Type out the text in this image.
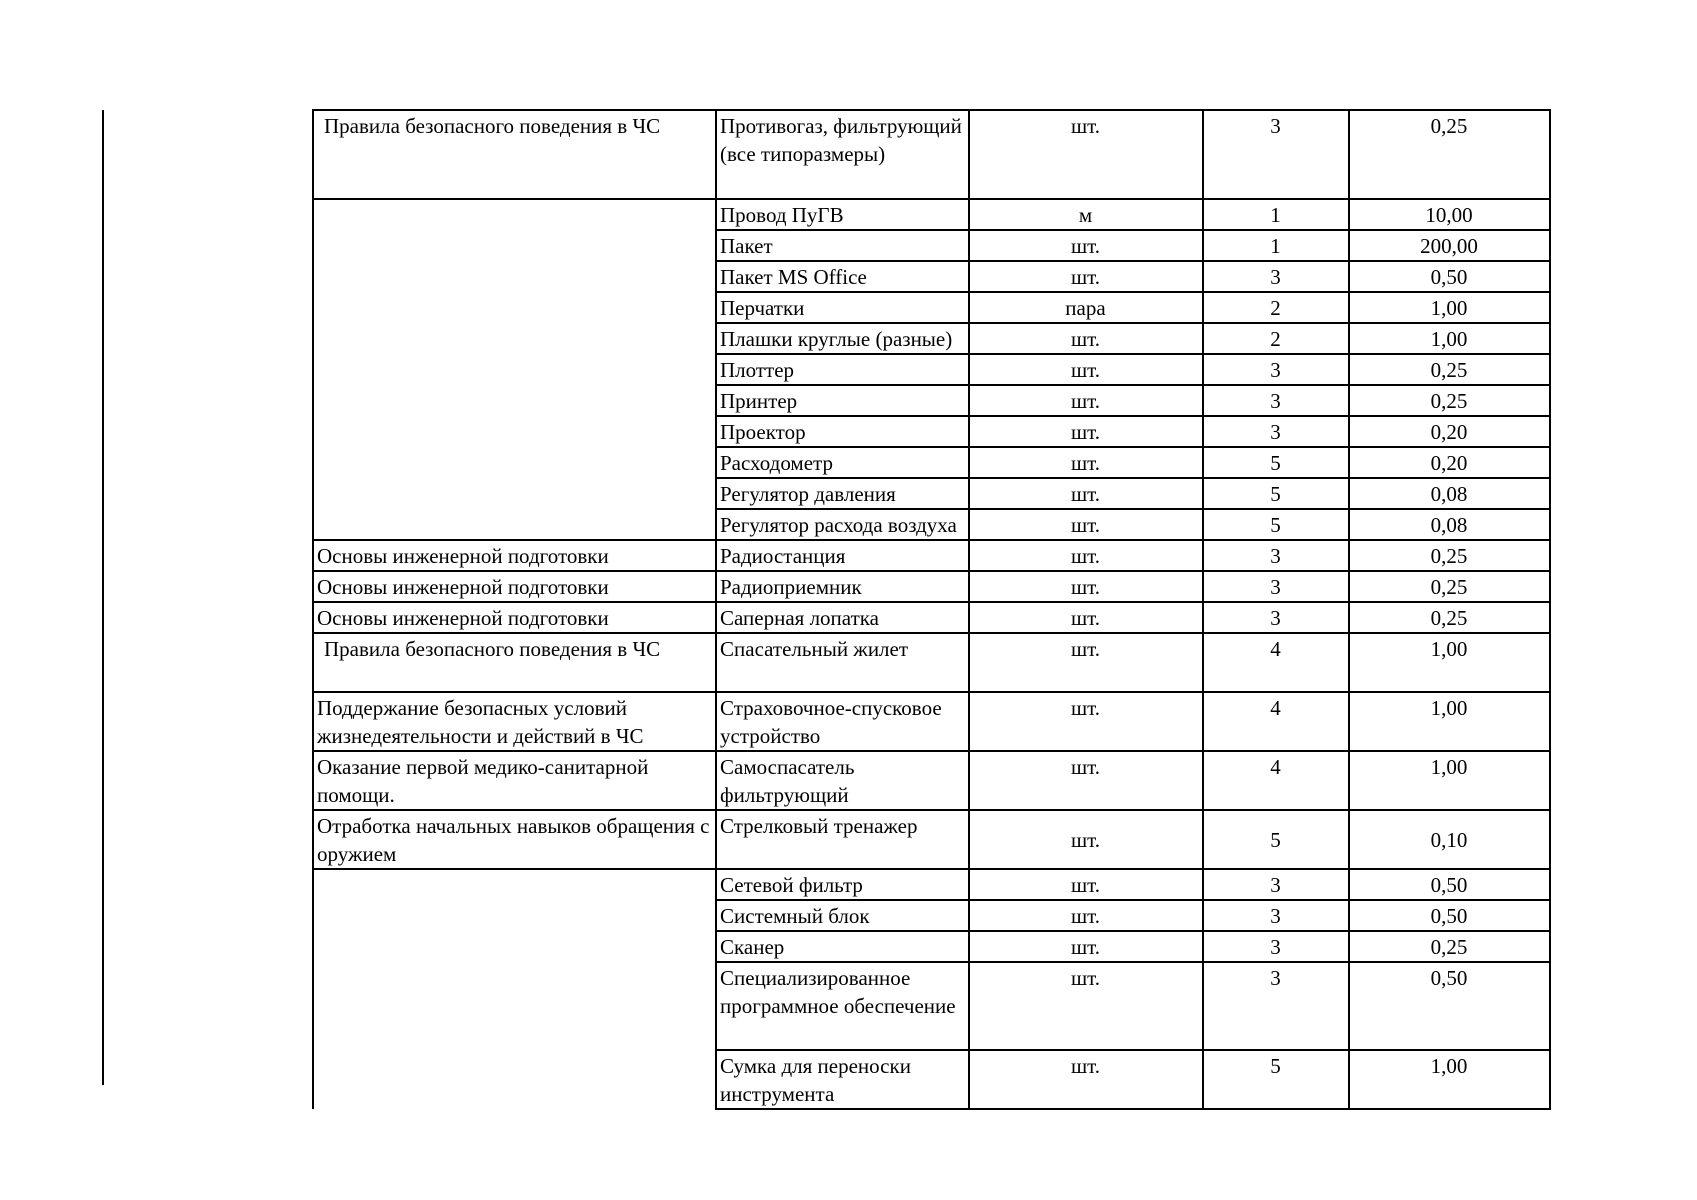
Правила безопасного поведения в ЧС	Противогаз, фильтрующий (все типоразмеры)	шт.	3	0,25
	Провод ПуГВ	м	1	10,00
	Пакет	шт.	1	200,00
	Пакет MS Office	шт.	3	0,50
	Перчатки	пара	2	1,00
	Плашки круглые (разные)	шт.	2	1,00
	Плоттер	шт.	3	0,25
	Принтер	шт.	3	0,25
	Проектор	шт.	3	0,20
	Расходометр	шт.	5	0,20
	Регулятор давления	шт.	5	0,08
	Регулятор расхода воздуха	шт.	5	0,08
Основы инженерной подготовки	Радиостанция	шт.	3	0,25
Основы инженерной подготовки	Радиоприемник	шт.	3	0,25
Основы инженерной подготовки	Саперная лопатка	шт.	3	0,25
Правила безопасного поведения в ЧС	Спасательный жилет	шт.	4	1,00
Поддержание безопасных условий жизнедеятельности и действий в ЧС	Страховочное-спусковое устройство	шт.	4	1,00
Оказание первой медико-санитарной помощи.	Самоспасатель фильтрующий	шт.	4	1,00
Отработка начальных навыков обращения с оружием	Стрелковый тренажер	шт.	5	0,10
	Сетевой фильтр	шт.	3	0,50
	Системный блок	шт.	3	0,50
	Сканер	шт.	3	0,25
	Специализированное программное обеспечение	шт.	3	0,50
	Сумка для переноски инструмента	шт.	5	1,00
